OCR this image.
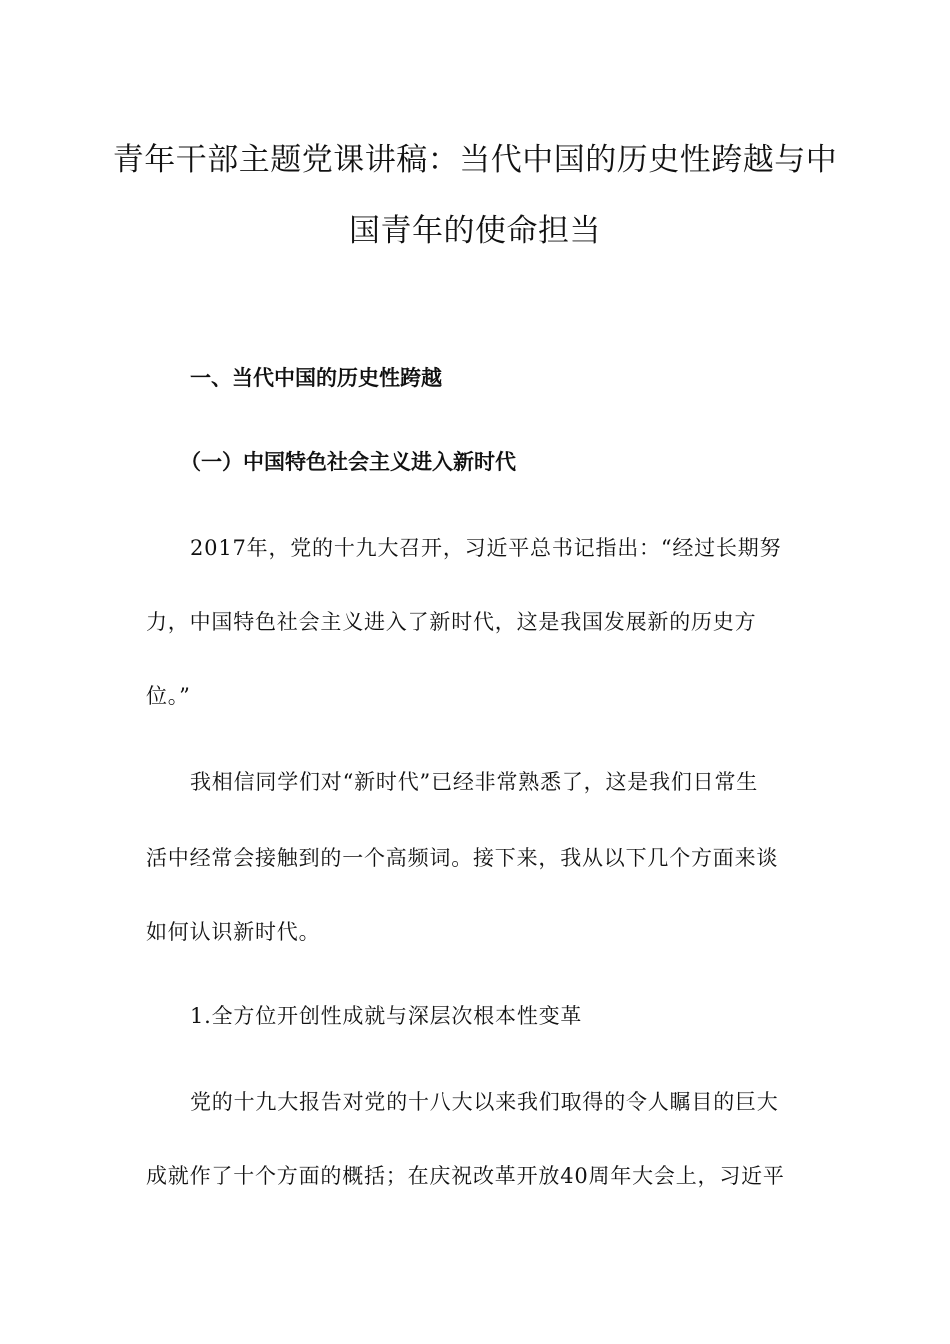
青年干部主题党课讲稿：当代中国的历史性跨越与中
国青年的使命担当
一、当代中国的历史性跨越
（一）中国特色社会主义进入新时代
2017年，党的十九大召开，习近平总书记指出：“经过长期努
力，中国特色社会主义进入了新时代，这是我国发展新的历史方
位。”
我相信同学们对“新时代”已经非常熟悉了，这是我们日常生
活中经常会接触到的一个高频词。接下来，我从以下几个方面来谈
如何认识新时代。
1.全方位开创性成就与深层次根本性变革
党的十九大报告对党的十八大以来我们取得的令人瞩目的巨大
成就作了十个方面的概括；在庆祝改革开放40周年大会上，习近平
